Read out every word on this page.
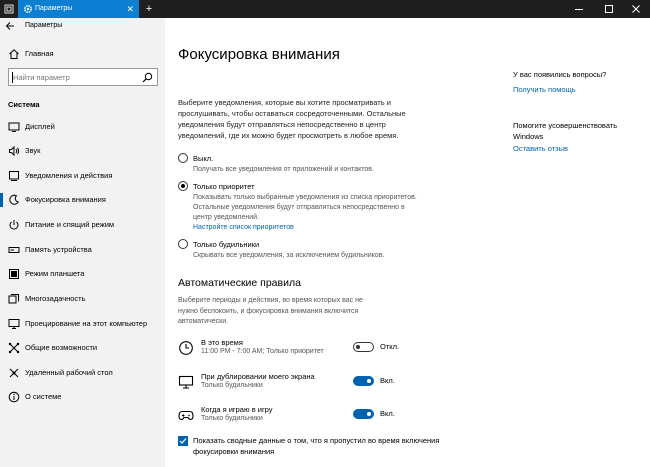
Параметры	✕	+
Параметры
Главная
Найти параметр
Система
Дисплей
Звук
Уведомления и действия
Фокусировка внимания
Питание и спящий режим
Память устройства
Режим планшета
Многозадачность
Проецирование на этот компьютер
Общие возможности
Удаленный рабочий стол
О системе
Фокусировка внимания
Выберите уведомления, которые вы хотите просматривать и прослушивать, чтобы оставаться сосредоточенными. Остальные уведомления будут отправляться непосредственно в центр уведомлений, где их можно будет просмотреть в любое время.
Выкл.
Получать все уведомления от приложений и контактов.
Только приоритет
Показывать только выбранные уведомления из списка приоритетов. Остальные уведомления будут отправляться непосредственно в центр уведомлений.
Настройте список приоритетов
Только будильники
Скрывать все уведомления, за исключением будильников.
Автоматические правила
Выберите периоды и действия, во время которых вас не нужно беспокоить, и фокусировка внимания включится автоматически.
В это время
11:00 PM - 7:00 AM; Только приоритет
Откл.
При дублировании моего экрана
Только будильники
Вкл.
Когда я играю в игру
Только будильники
Вкл.
Показать сводные данные о том, что я пропустил во время включения фокусировки внимания
У вас появились вопросы?
Получить помощь
Помогите усовершенствовать Windows
Оставить отзыв
